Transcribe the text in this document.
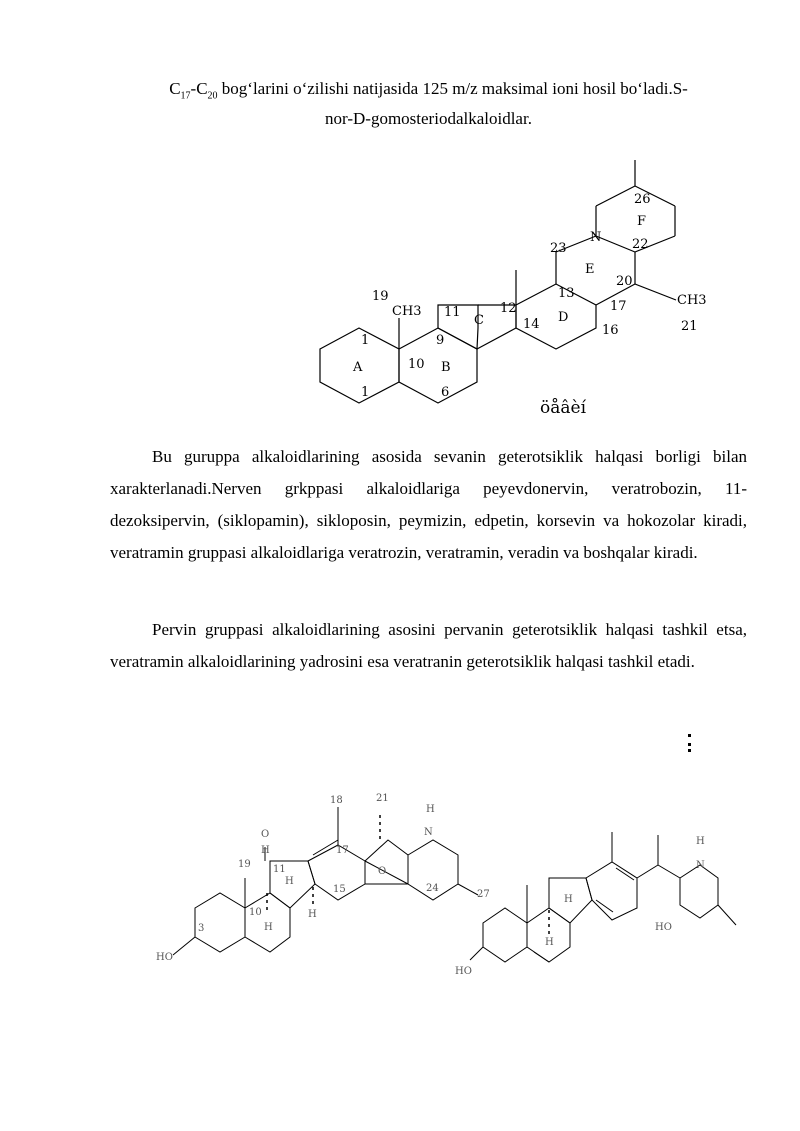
$C_{17}-C_{20}$ bog‘larini o‘zilishi natijasida 125 m/z maksimal ioni hosil bo‘ladi.S-

nor-D-gomosteriodalkaloidlar.

A	B
C	D
E
F
19
1
10
9
6
1
11	12
13
14	16
17
20
21
22
23
26
CH3
CH3
N
öåâèí

Bu guruppa alkaloidlarining asosida sevanin geterotsiklik halqasi borligi bilan xarakterlanadi.Nerven grkppasi alkaloidlariga peyevdonervin, veratrobozin, 11-dezoksipervin, (siklopamin), sikloposin, peymizin, edpetin, korsevin va hokozolar kiradi, veratramin gruppasi alkaloidlariga veratrozin, veratramin, veradin va boshqalar kiradi.

Pervin gruppasi alkaloidlarining asosini pervanin geterotsiklik halqasi tashkil etsa, veratramin alkaloidlarining yadrosini esa veratranin geterotsiklik halqasi tashkil etadi.

18	21
H
N
O
H
19 11
H
17
O
15	24
27
10
H
3
HO
H
H
N
H
HO
HO
H
